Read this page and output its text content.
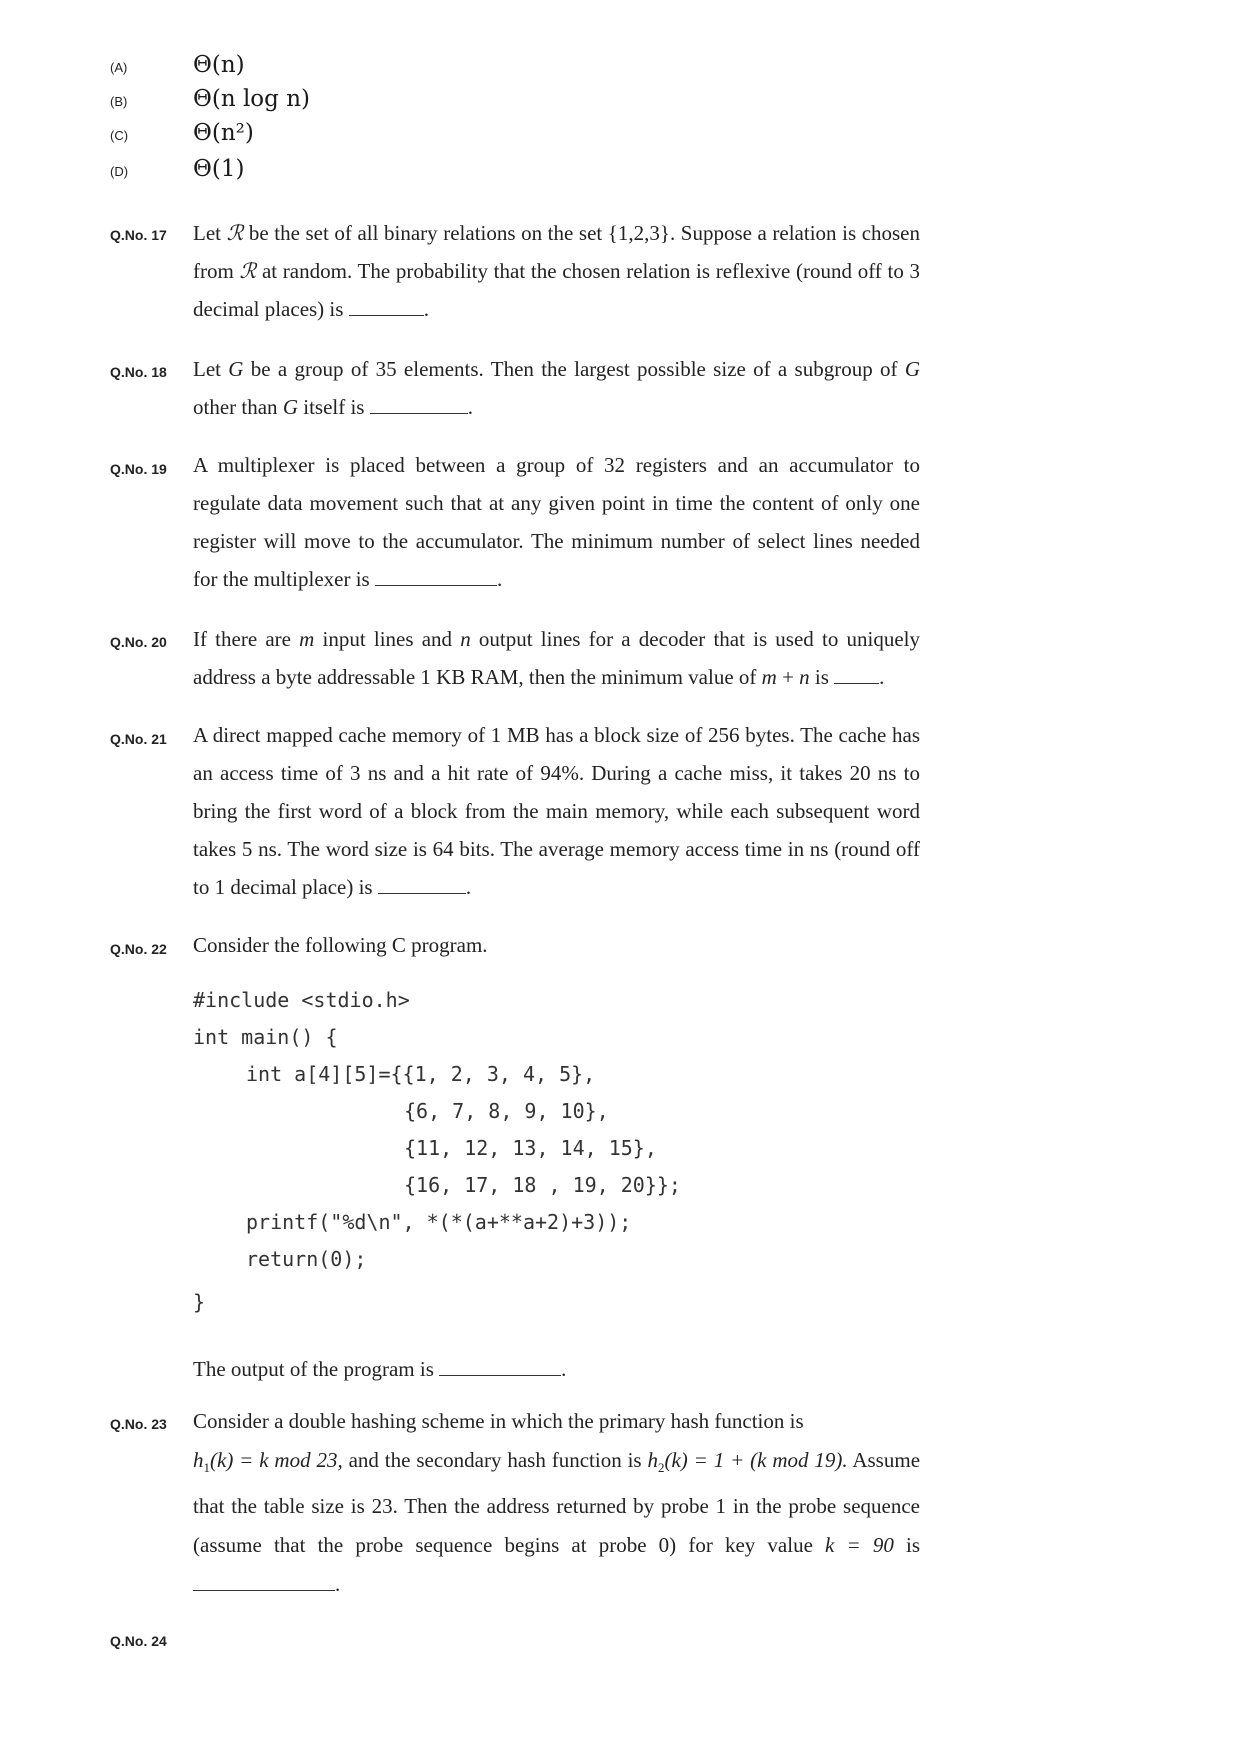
(A)	Θ(n)
(B)	Θ(n log n)
(C)	Θ(n²)
(D)	Θ(1)
Q.No. 17 Let ℛ be the set of all binary relations on the set {1,2,3}. Suppose a relation is chosen from ℛ at random. The probability that the chosen relation is reflexive (round off to 3 decimal places) is	.

Q.No. 18 Let G be a group of 35 elements. Then the largest possible size of a subgroup of G other than G itself is	.

Q.No. 19 A multiplexer is placed between a group of 32 registers and an accumulator to regulate data movement such that at any given point in time the content of only one register will move to the accumulator. The minimum number of select lines needed for the multiplexer is	.

Q.No. 20 If there are m input lines and n output lines for a decoder that is used to uniquely address a byte addressable 1 KB RAM, then the minimum value of m + n is .

Q.No. 21 A direct mapped cache memory of 1 MB has a block size of 256 bytes. The cache has an access time of 3 ns and a hit rate of 94%. During a cache miss, it takes 20 ns to bring the first word of a block from the main memory, while each subsequent word takes 5 ns. The word size is 64 bits. The average memory access time in ns (round off to 1 decimal place) is	.

Q.No. 22 Consider the following C program.

#include <stdio.h>
int main() {
int a[4][5]={{1, 2, 3, 4, 5},
{6, 7, 8, 9, 10},
{11, 12, 13, 14, 15},
{16, 17, 18 , 19, 20}};
printf("%d\n", *(*(a+**a+2)+3));
return(0);
}

The output of the program is	.

Q.No. 23 Consider a double hashing scheme in which the primary hash function is
$h_1(k) = k$ mod 23, and the secondary hash function is $h_2(k) = 1 + (k$ mod 19). Assume that the table size is 23. Then the address returned by probe 1 in the probe sequence (assume that the probe sequence begins at probe 0) for key value k = 90 is .

Q.No. 24
